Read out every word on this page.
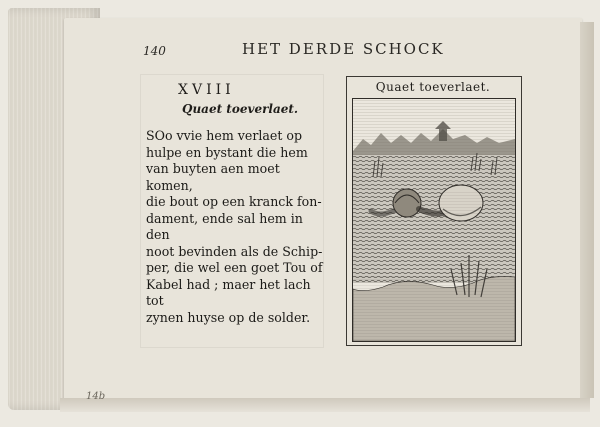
140	HET DERDE SCHOCK
XVIII
Quaet toeverlaet.
SOo vvie hem verlaet op
hulpe en bystant die hem
van buyten aen moet komen,
die bout op een kranck fon-
dament, ende sal hem in den
noot bevinden als de Schip-
per, die wel een goet Tou of
Kabel had ; maer het lach tot
zynen huyse op de solder.
Quaet toeverlaet.
14b
